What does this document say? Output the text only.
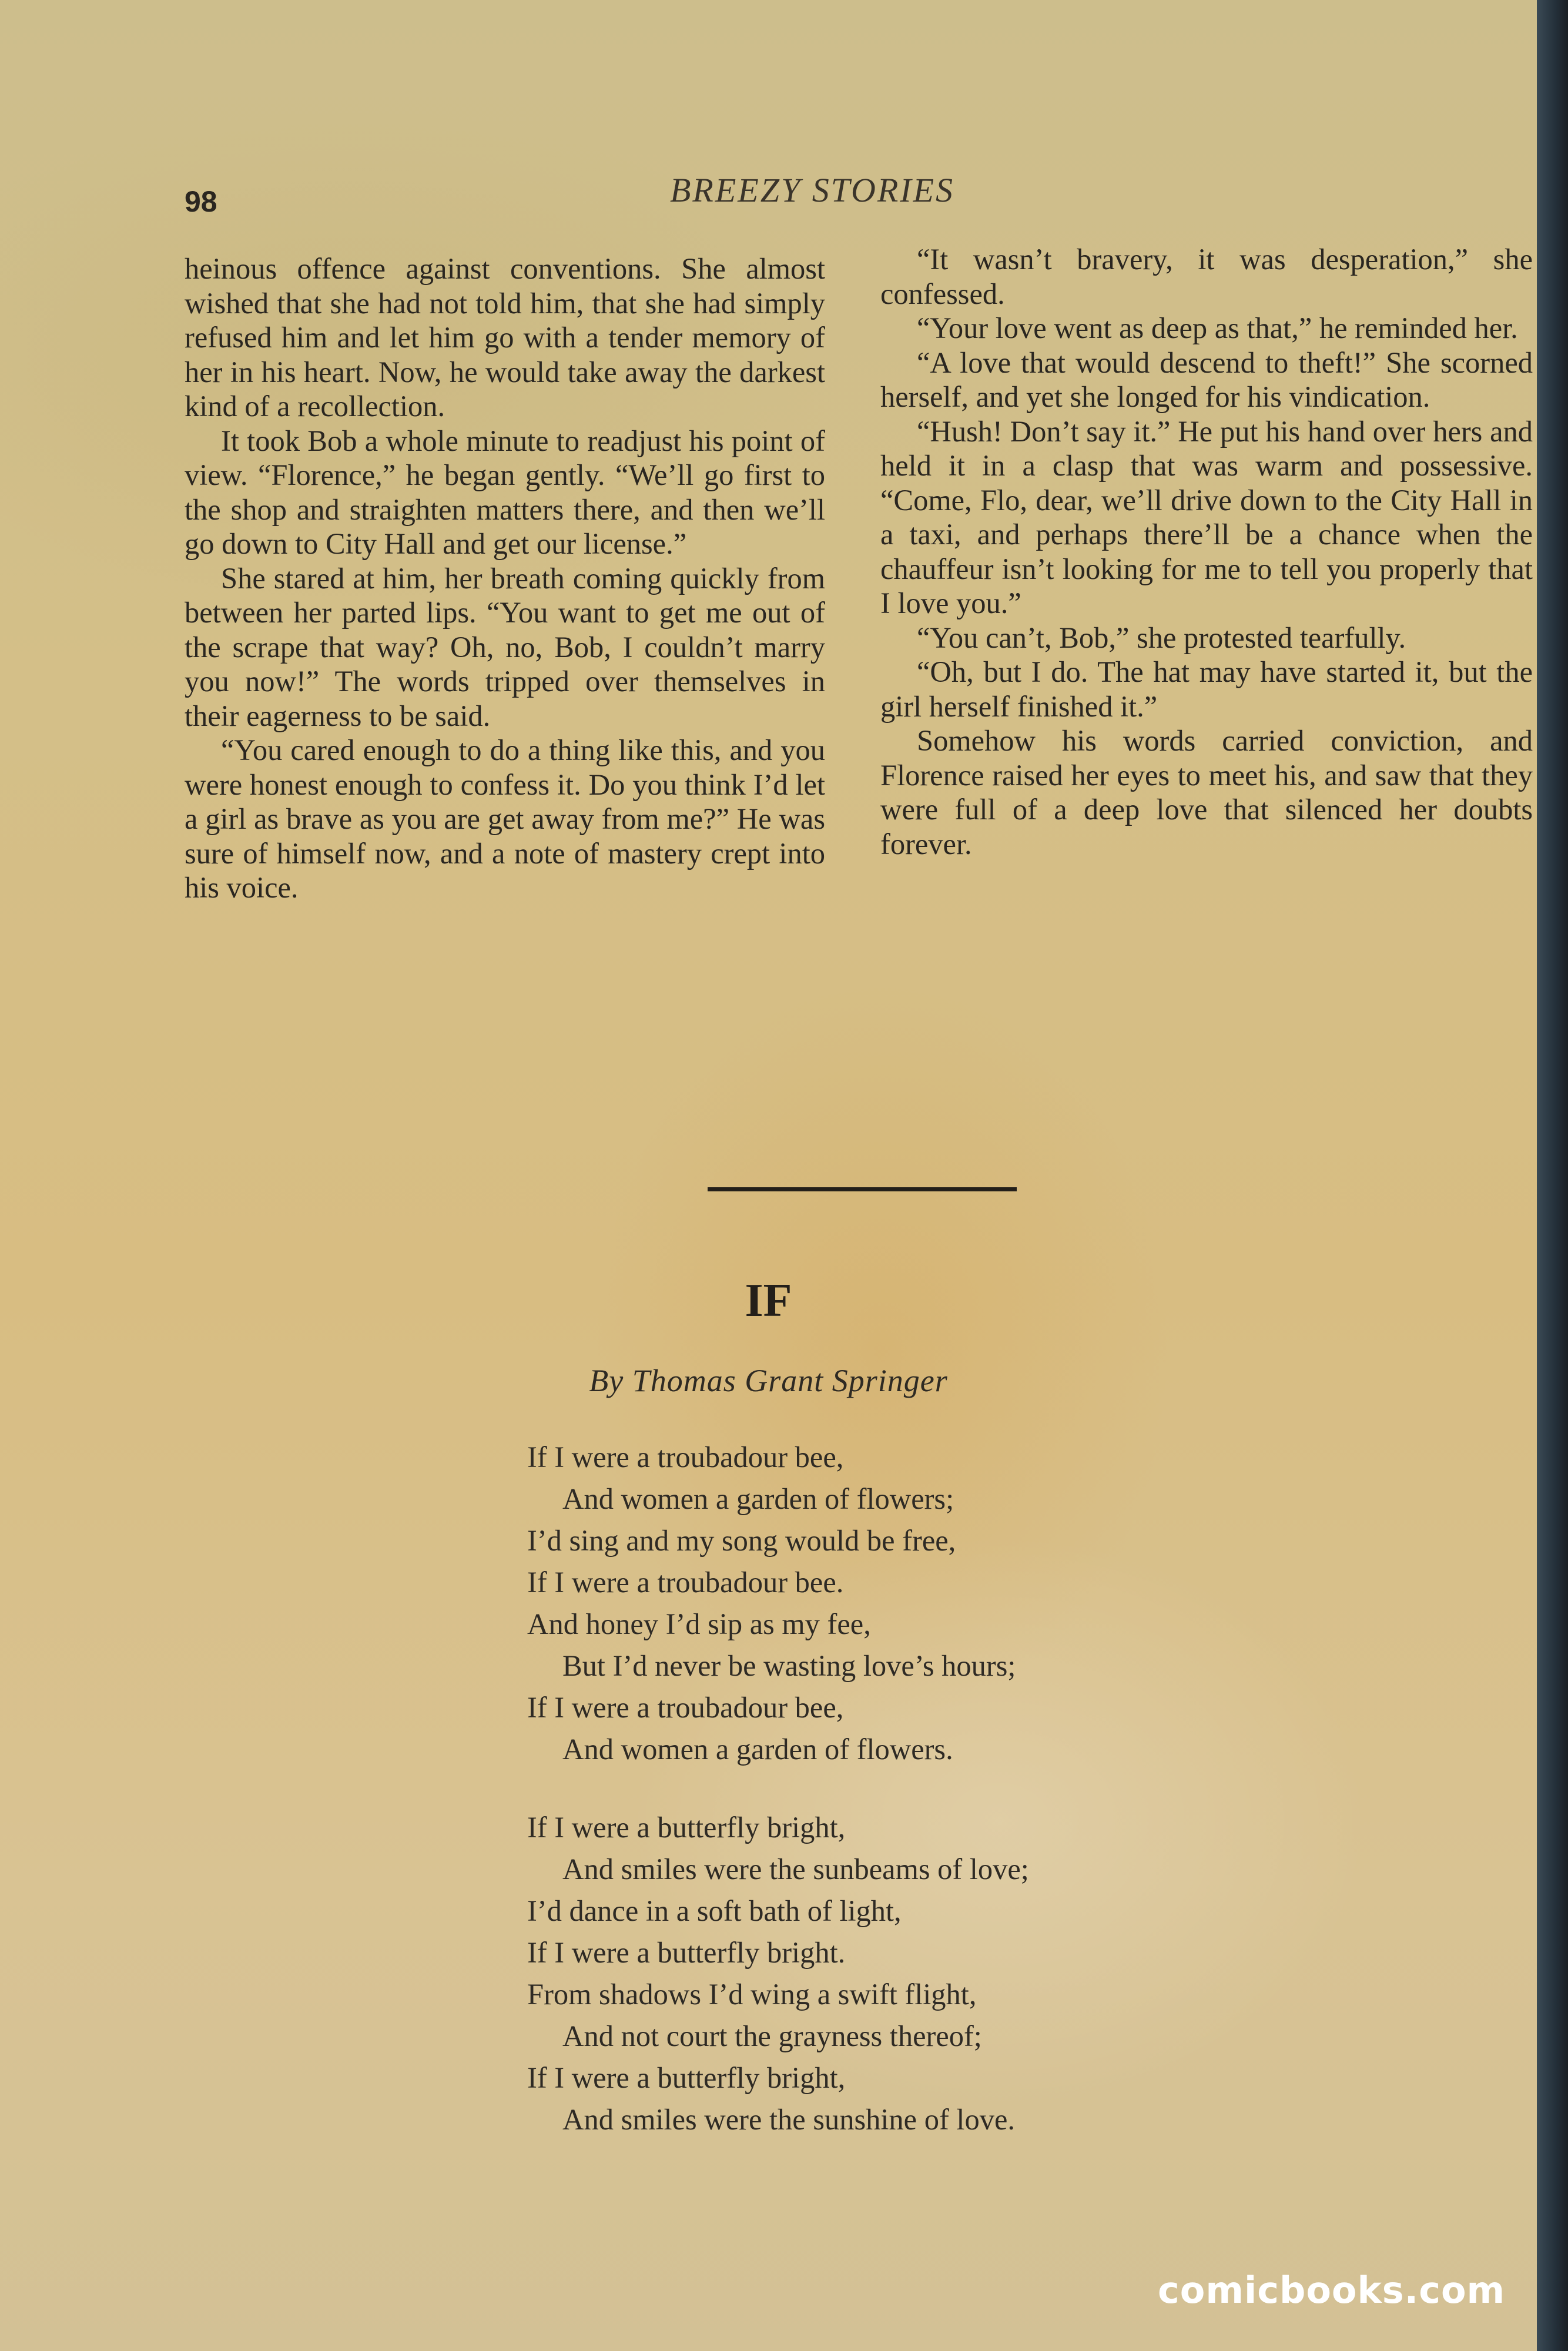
98	BREEZY STORIES

heinous offence against conventions. She almost wished that she had not told him, that she had simply refused him and let him go with a tender memory of her in his heart. Now, he would take away the darkest kind of a recollection.

It took Bob a whole minute to readjust his point of view. “Florence,” he began gently. “We’ll go first to the shop and straighten matters there, and then we’ll go down to City Hall and get our license.”

She stared at him, her breath coming quickly from between her parted lips. “You want to get me out of the scrape that way? Oh, no, Bob, I couldn’t marry you now!” The words tripped over themselves in their eagerness to be said.

“You cared enough to do a thing like this, and you were honest enough to confess it. Do you think I’d let a girl as brave as you are get away from me?” He was sure of himself now, and a note of mastery crept into his voice.

“It wasn’t bravery, it was desperation,” she confessed.

“Your love went as deep as that,” he reminded her.

“A love that would descend to theft!” She scorned herself, and yet she longed for his vindication.

“Hush! Don’t say it.” He put his hand over hers and held it in a clasp that was warm and possessive. “Come, Flo, dear, we’ll drive down to the City Hall in a taxi, and perhaps there’ll be a chance when the chauffeur isn’t looking for me to tell you properly that I love you.”

“You can’t, Bob,” she protested tearfully.

“Oh, but I do. The hat may have started it, but the girl herself finished it.”

Somehow his words carried conviction, and Florence raised her eyes to meet his, and saw that they were full of a deep love that silenced her doubts forever.

IF
By Thomas Grant Springer
If I were a troubadour bee,
And women a garden of flowers;
I’d sing and my song would be free,
If I were a troubadour bee.
And honey I’d sip as my fee,
But I’d never be wasting love’s hours;
If I were a troubadour bee,
And women a garden of flowers.
If I were a butterfly bright,
And smiles were the sunbeams of love;
I’d dance in a soft bath of light,
If I were a butterfly bright.
From shadows I’d wing a swift flight,
And not court the grayness thereof;
If I were a butterfly bright,
And smiles were the sunshine of love.
comicbooks.com
